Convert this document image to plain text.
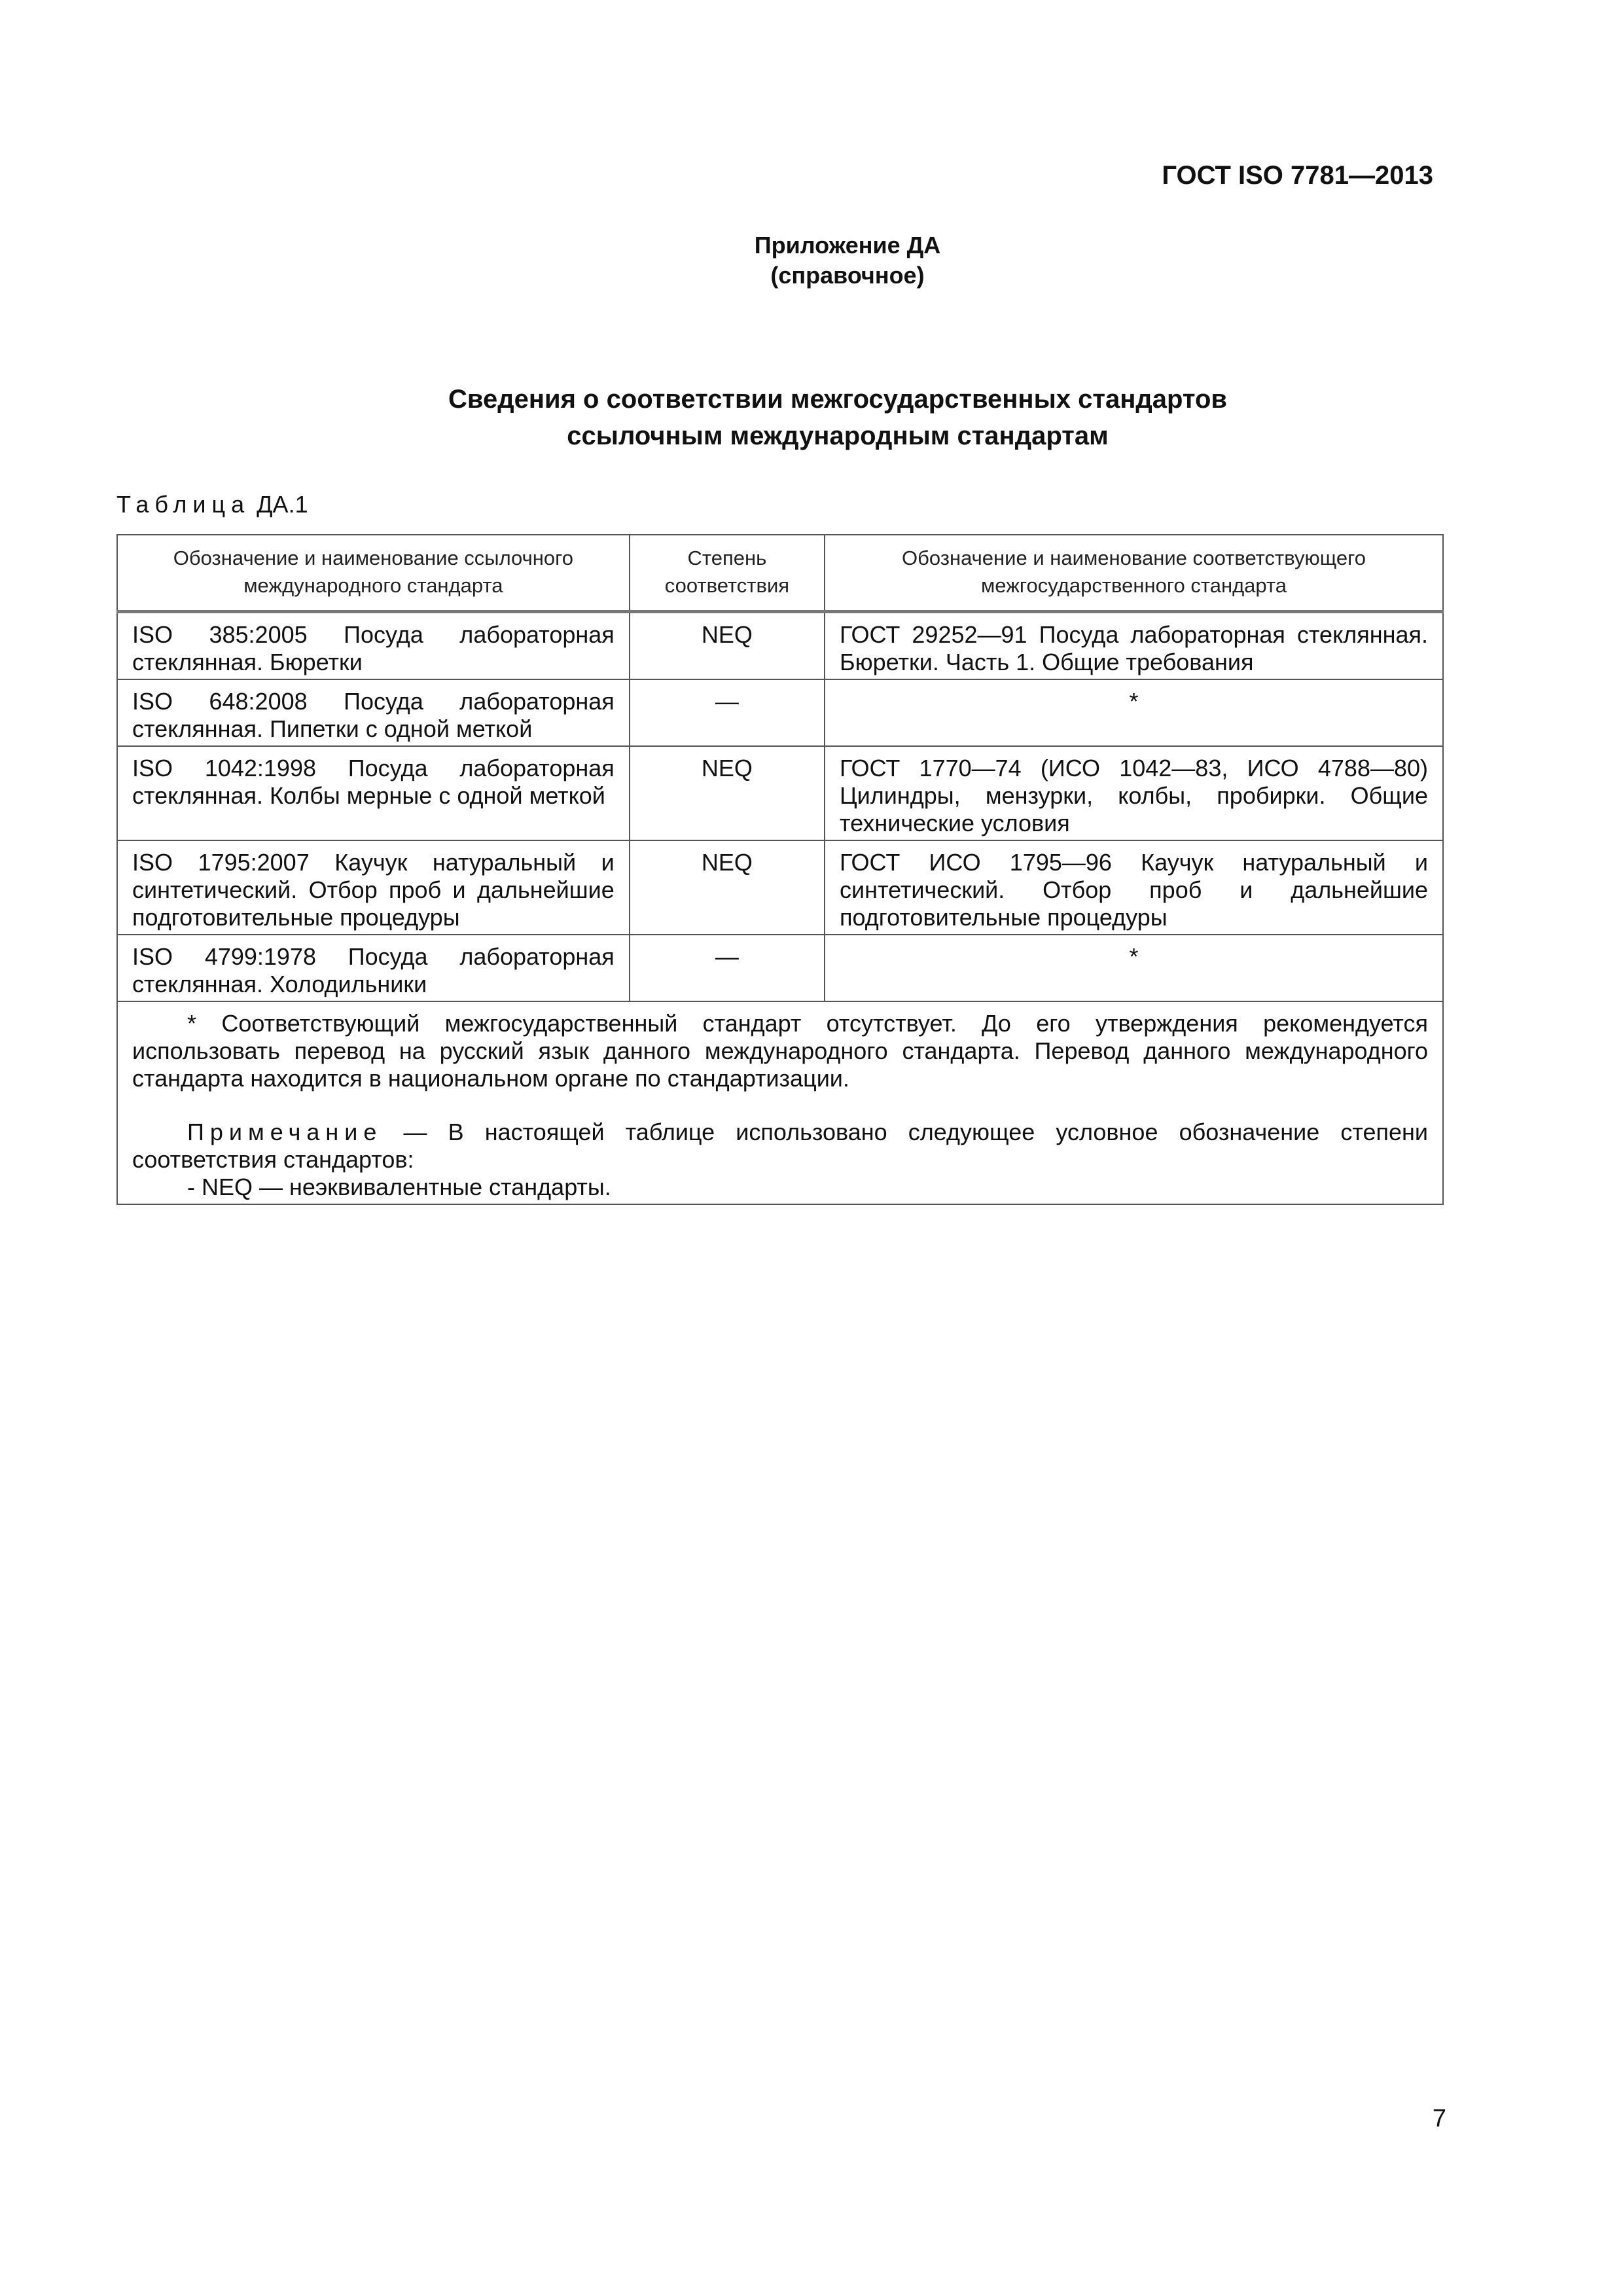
ГОСТ ISO 7781—2013
Приложение ДА
(справочное)
Сведения о соответствии межгосударственных стандартов
ссылочным международным стандартам
Таблица ДА.1
Обозначение и наименование ссылочного международного стандарта	Степень соответствия	Обозначение и наименование соответствующего межгосударственного стандарта
ISO 385:2005 Посуда лабораторная стеклянная. Бюретки	NEQ	ГОСТ 29252—91 Посуда лабораторная стеклянная. Бюретки. Часть 1. Общие требования
ISO 648:2008 Посуда лабораторная стеклянная. Пипетки с одной меткой	—	*
ISO 1042:1998 Посуда лабораторная стеклянная. Колбы мерные с одной меткой	NEQ	ГОСТ 1770—74 (ИСО 1042—83, ИСО 4788—80) Цилиндры, мензурки, колбы, пробирки. Общие технические условия
ISO 1795:2007 Каучук натуральный и синтетический. Отбор проб и дальнейшие подготовительные процедуры	NEQ	ГОСТ ИСО 1795—96 Каучук натуральный и синтетический. Отбор проб и дальнейшие подготовительные процедуры
ISO 4799:1978 Посуда лабораторная стеклянная. Холодильники	—	*

* Соответствующий межгосударственный стандарт отсутствует. До его утверждения рекомендуется использовать перевод на русский язык данного международного стандарта. Перевод данного международного стандарта находится в национальном органе по стандартизации.

Примечание — В настоящей таблице использовано следующее условное обозначение степени соответствия стандартов:

- NEQ — неэквивалентные стандарты.		

7
